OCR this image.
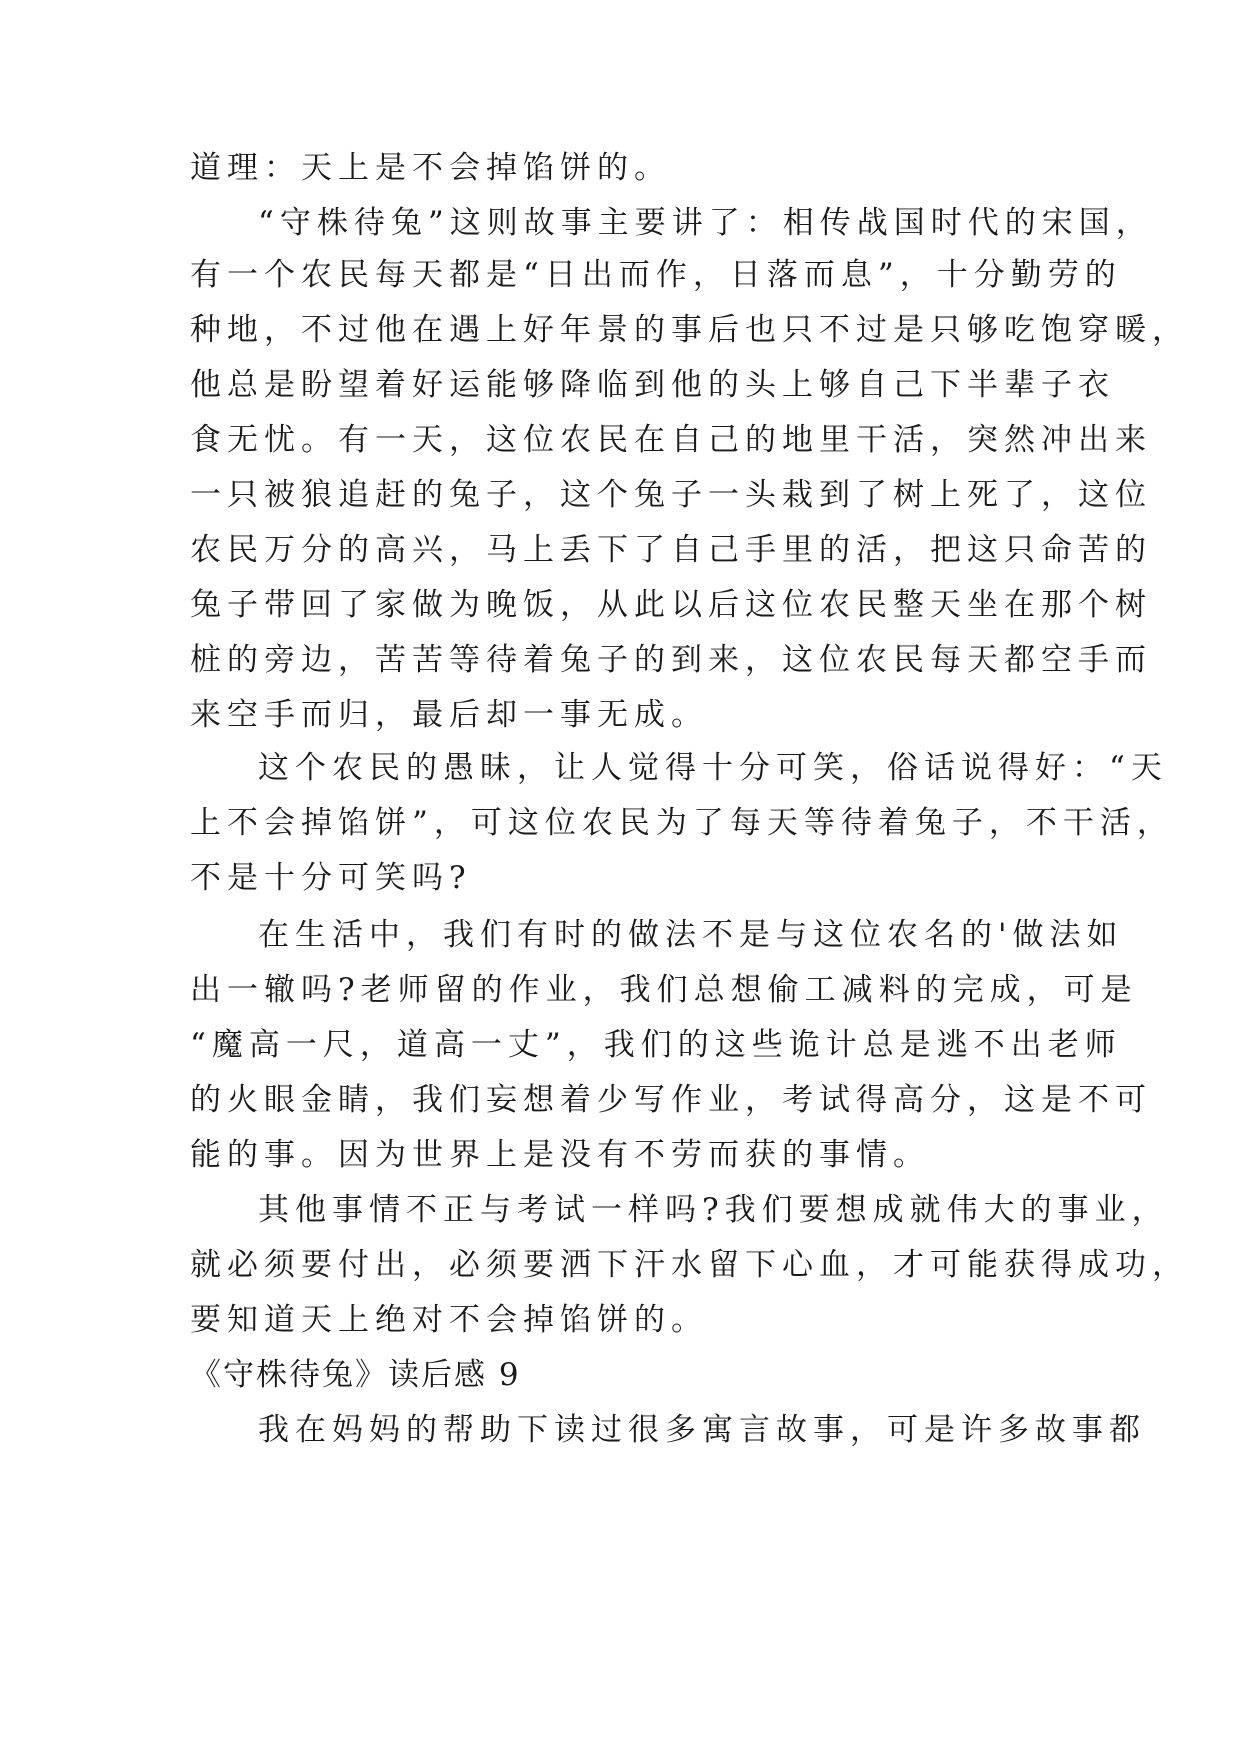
道理：天上是不会掉馅饼的。
“守株待兔”这则故事主要讲了：相传战国时代的宋国，
有一个农民每天都是“日出而作，日落而息”，十分勤劳的
种地，不过他在遇上好年景的事后也只不过是只够吃饱穿暖，
他总是盼望着好运能够降临到他的头上够自己下半辈子衣
食无忧。有一天，这位农民在自己的地里干活，突然冲出来
一只被狼追赶的兔子，这个兔子一头栽到了树上死了，这位
农民万分的高兴，马上丢下了自己手里的活，把这只命苦的
兔子带回了家做为晚饭，从此以后这位农民整天坐在那个树
桩的旁边，苦苦等待着兔子的到来，这位农民每天都空手而
来空手而归，最后却一事无成。
这个农民的愚昧，让人觉得十分可笑，俗话说得好：“天
上不会掉馅饼”，可这位农民为了每天等待着兔子，不干活，
不是十分可笑吗?
在生活中，我们有时的做法不是与这位农名的'做法如
出一辙吗?老师留的作业，我们总想偷工减料的完成，可是
“魔高一尺，道高一丈”，我们的这些诡计总是逃不出老师
的火眼金睛，我们妄想着少写作业，考试得高分，这是不可
能的事。因为世界上是没有不劳而获的事情。
其他事情不正与考试一样吗?我们要想成就伟大的事业，
就必须要付出，必须要洒下汗水留下心血，才可能获得成功，
要知道天上绝对不会掉馅饼的。
《守株待兔》读后感 9
我在妈妈的帮助下读过很多寓言故事，可是许多故事都
